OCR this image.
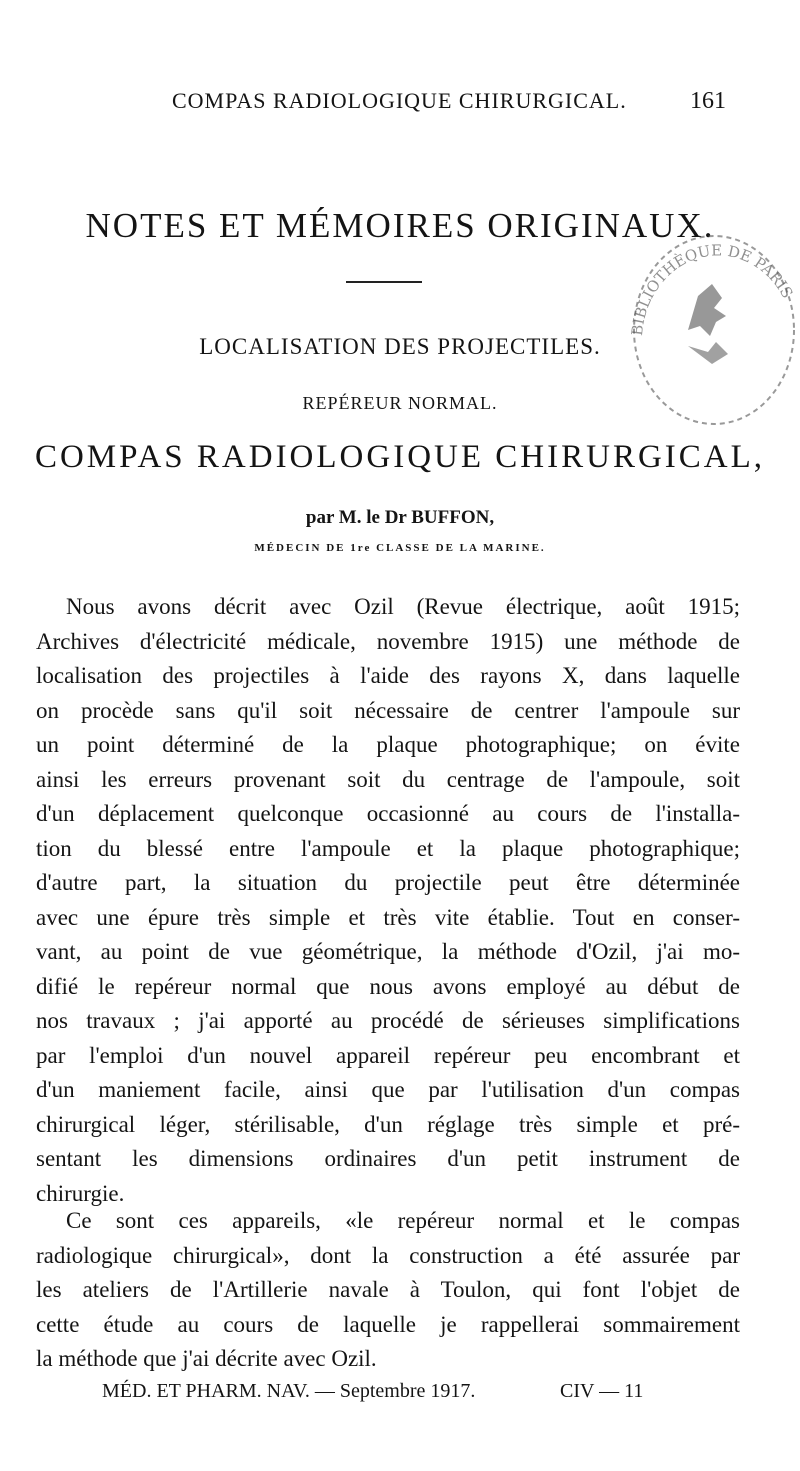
COMPAS RADIOLOGIQUE CHIRURGICAL.	161
NOTES ET MÉMOIRES ORIGINAUX.
LOCALISATION DES PROJECTILES.
REPÉREUR NORMAL.
COMPAS RADIOLOGIQUE CHIRURGICAL,
par M. le Dr BUFFON,
MÉDECIN DE 1re CLASSE DE LA MARINE.
Nous avons décrit avec Ozil (Revue électrique, août 1915;
Archives d'électricité médicale, novembre 1915) une méthode de
localisation des projectiles à l'aide des rayons X, dans laquelle
on procède sans qu'il soit nécessaire de centrer l'ampoule sur
un point déterminé de la plaque photographique; on évite
ainsi les erreurs provenant soit du centrage de l'ampoule, soit
d'un déplacement quelconque occasionné au cours de l'installa-
tion du blessé entre l'ampoule et la plaque photographique;
d'autre part, la situation du projectile peut être déterminée
avec une épure très simple et très vite établie. Tout en conser-
vant, au point de vue géométrique, la méthode d'Ozil, j'ai mo-
difié le repéreur normal que nous avons employé au début de
nos travaux ; j'ai apporté au procédé de sérieuses simplifications
par l'emploi d'un nouvel appareil repéreur peu encombrant et
d'un maniement facile, ainsi que par l'utilisation d'un compas
chirurgical léger, stérilisable, d'un réglage très simple et pré-
sentant les dimensions ordinaires d'un petit instrument de
chirurgie.
Ce sont ces appareils, «le repéreur normal et le compas
radiologique chirurgical», dont la construction a été assurée par
les ateliers de l'Artillerie navale à Toulon, qui font l'objet de
cette étude au cours de laquelle je rappellerai sommairement
la méthode que j'ai décrite avec Ozil.
MÉD. ET PHARM. NAV. — Septembre 1917.	CIV — 11
BIBLIOTHÈQUE DE PARIS
